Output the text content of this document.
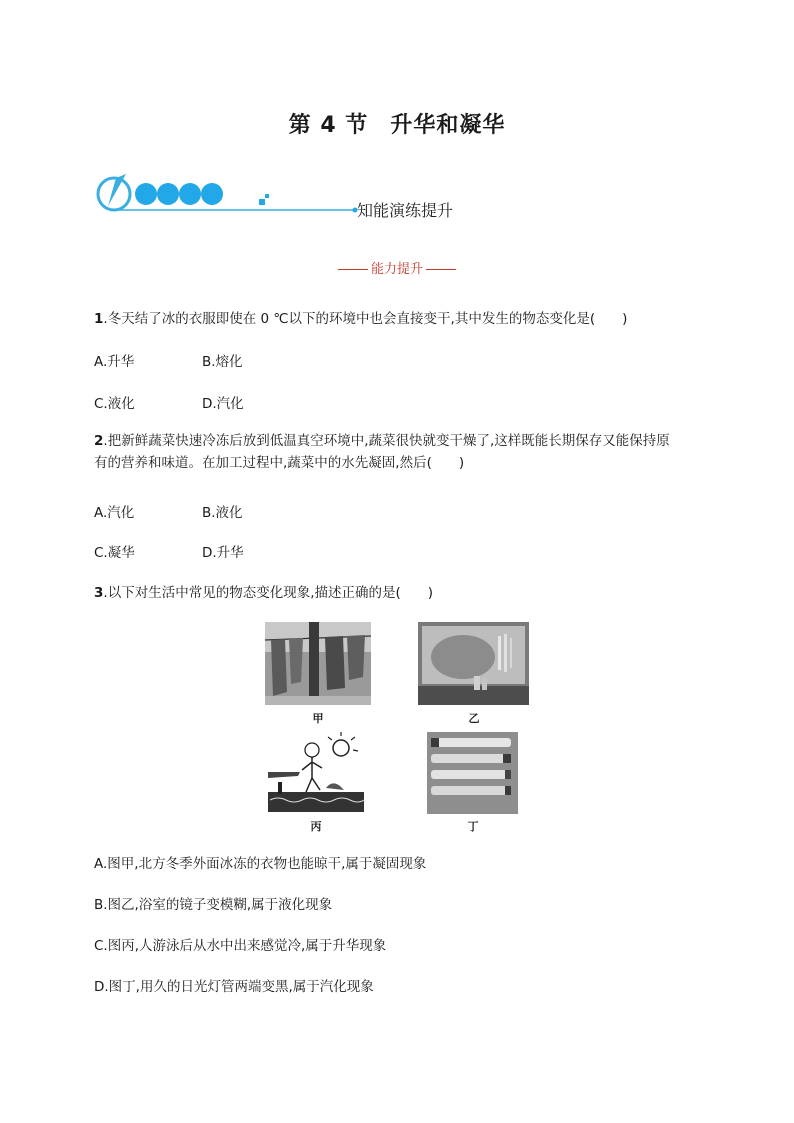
第 4 节 升华和凝华
知能演练提升
能力提升
1.冬天结了冰的衣服即使在 0 ℃以下的环境中也会直接变干,其中发生的物态变化是(　　)
A.升华	B.熔化
C.液化	D.汽化
2.把新鲜蔬菜快速冷冻后放到低温真空环境中,蔬菜很快就变干燥了,这样既能长期保存又能保持原
有的营养和味道。在加工过程中,蔬菜中的水先凝固,然后(　　)
A.汽化	B.液化
C.凝华	D.升华
3.以下对生活中常见的物态变化现象,描述正确的是(　　)
甲	乙
丙	丁
A.图甲,北方冬季外面冰冻的衣物也能晾干,属于凝固现象
B.图乙,浴室的镜子变模糊,属于液化现象
C.图丙,人游泳后从水中出来感觉冷,属于升华现象
D.图丁,用久的日光灯管两端变黑,属于汽化现象
